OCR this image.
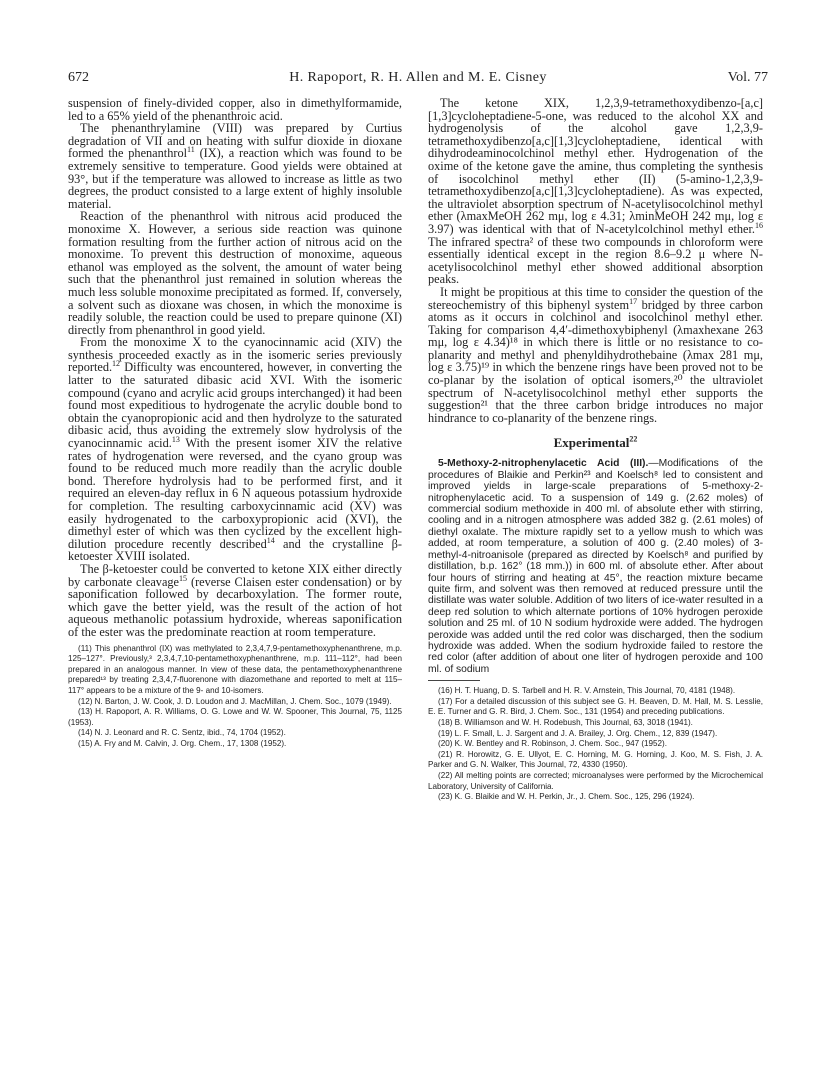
672	H. Rapoport, R. H. Allen and M. E. Cisney	Vol. 77

suspension of finely-divided copper, also in dimethylformamide, led to a 65% yield of the phenanthroic acid.

The phenanthrylamine (VIII) was prepared by Curtius degradation of VII and on heating with sulfur dioxide in dioxane formed the phenanthrol$^{11}$ (IX), a reaction which was found to be extremely sensitive to temperature. Good yields were obtained at 93°, but if the temperature was allowed to increase as little as two degrees, the product consisted to a large extent of highly insoluble material.

Reaction of the phenanthrol with nitrous acid produced the monoxime X. However, a serious side reaction was quinone formation resulting from the further action of nitrous acid on the monoxime. To prevent this destruction of monoxime, aqueous ethanol was employed as the solvent, the amount of water being such that the phenanthrol just remained in solution whereas the much less soluble monoxime precipitated as formed. If, conversely, a solvent such as dioxane was chosen, in which the monoxime is readily soluble, the reaction could be used to prepare quinone (XI) directly from phenanthrol in good yield.

From the monoxime X to the cyanocinnamic acid (XIV) the synthesis proceeded exactly as in the isomeric series previously reported.$^{12}$ Difficulty was encountered, however, in converting the latter to the saturated dibasic acid XVI. With the isomeric compound (cyano and acrylic acid groups interchanged) it had been found most expeditious to hydrogenate the acrylic double bond to obtain the cyanopropionic acid and then hydrolyze to the saturated dibasic acid, thus avoiding the extremely slow hydrolysis of the cyanocinnamic acid.$^{13}$ With the present isomer XIV the relative rates of hydrogenation were reversed, and the cyano group was found to be reduced much more readily than the acrylic double bond. Therefore hydrolysis had to be performed first, and it required an eleven-day reflux in 6 N aqueous potassium hydroxide for completion. The resulting carboxycinnamic acid (XV) was easily hydrogenated to the carboxypropionic acid (XVI), the dimethyl ester of which was then cyclized by the excellent high-dilution procedure recently described$^{14}$ and the crystalline β-ketoester XVIII isolated.

The β-ketoester could be converted to ketone XIX either directly by carbonate cleavage$^{15}$ (reverse Claisen ester condensation) or by saponification followed by decarboxylation. The former route, which gave the better yield, was the result of the action of hot aqueous methanolic potassium hydroxide, whereas saponification of the ester was the predominate reaction at room temperature.

(11) This phenanthrol (IX) was methylated to 2,3,4,7,9-pentamethoxyphenanthrene, m.p. 125–127°. Previously,³ 2,3,4,7,10-pentamethoxyphenanthrene, m.p. 111–112°, had been prepared in an analogous manner. In view of these data, the pentamethoxyphenanthrene prepared¹³ by treating 2,3,4,7-fluorenone with diazomethane and reported to melt at 115–117° appears to be a mixture of the 9- and 10-isomers.

(12) N. Barton, J. W. Cook, J. D. Loudon and J. MacMillan, J. Chem. Soc., 1079 (1949).

(13) H. Rapoport, A. R. Williams, O. G. Lowe and W. W. Spooner, This Journal, 75, 1125 (1953).

(14) N. J. Leonard and R. C. Sentz, ibid., 74, 1704 (1952).

(15) A. Fry and M. Calvin, J. Org. Chem., 17, 1308 (1952).

The ketone XIX, 1,2,3,9-tetramethoxydibenzo-[a,c][1,3]cycloheptadiene-5-one, was reduced to the alcohol XX and hydrogenolysis of the alcohol gave 1,2,3,9-tetramethoxydibenzo[a,c][1,3]cycloheptadiene, identical with dihydrodeaminocolchinol methyl ether. Hydrogenation of the oxime of the ketone gave the amine, thus completing the synthesis of isocolchinol methyl ether (II) (5-amino-1,2,3,9-tetramethoxydibenzo[a,c][1,3]cycloheptadiene). As was expected, the ultraviolet absorption spectrum of N-acetylisocolchinol methyl ether (λmaxMeOH 262 mμ, log ε 4.31; λminMeOH 242 mμ, log ε 3.97) was identical with that of N-acetylcolchinol methyl ether.$^{16}$ The infrared spectra² of these two compounds in chloroform were essentially identical except in the region 8.6–9.2 μ where N-acetylisocolchinol methyl ether showed additional absorption peaks.

It might be propitious at this time to consider the question of the stereochemistry of this biphenyl system$^{17}$ bridged by three carbon atoms as it occurs in colchinol and isocolchinol methyl ether. Taking for comparison 4,4′-dimethoxybiphenyl (λmaxhexane 263 mμ, log ε 4.34)¹⁸ in which there is little or no resistance to co-planarity and methyl and phenyldihydrothebaine (λmax 281 mμ, log ε 3.75)¹⁹ in which the benzene rings have been proved not to be co-planar by the isolation of optical isomers,²⁰ the ultraviolet spectrum of N-acetylisocolchinol methyl ether supports the suggestion²¹ that the three carbon bridge introduces no major hindrance to co-planarity of the benzene rings.

Experimental$^{22}$

5-Methoxy-2-nitrophenylacetic Acid (III).—Modifications of the procedures of Blaikie and Perkin²³ and Koelsch⁸ led to consistent and improved yields in large-scale preparations of 5-methoxy-2-nitrophenylacetic acid. To a suspension of 149 g. (2.62 moles) of commercial sodium methoxide in 400 ml. of absolute ether with stirring, cooling and in a nitrogen atmosphere was added 382 g. (2.61 moles) of diethyl oxalate. The mixture rapidly set to a yellow mush to which was added, at room temperature, a solution of 400 g. (2.40 moles) of 3-methyl-4-nitroanisole (prepared as directed by Koelsch⁸ and purified by distillation, b.p. 162° (18 mm.)) in 600 ml. of absolute ether. After about four hours of stirring and heating at 45°, the reaction mixture became quite firm, and solvent was then removed at reduced pressure until the distillate was water soluble. Addition of two liters of ice-water resulted in a deep red solution to which alternate portions of 10% hydrogen peroxide solution and 25 ml. of 10 N sodium hydroxide were added. The hydrogen peroxide was added until the red color was discharged, then the sodium hydroxide was added. When the sodium hydroxide failed to restore the red color (after addition of about one liter of hydrogen peroxide and 100 ml. of sodium

(16) H. T. Huang, D. S. Tarbell and H. R. V. Arnstein, This Journal, 70, 4181 (1948).

(17) For a detailed discussion of this subject see G. H. Beaven, D. M. Hall, M. S. Lesslie, E. E. Turner and G. R. Bird, J. Chem. Soc., 131 (1954) and preceding publications.

(18) B. Williamson and W. H. Rodebush, This Journal, 63, 3018 (1941).

(19) L. F. Small, L. J. Sargent and J. A. Brailey, J. Org. Chem., 12, 839 (1947).

(20) K. W. Bentley and R. Robinson, J. Chem. Soc., 947 (1952).

(21) R. Horowitz, G. E. Ullyot, E. C. Horning, M. G. Horning, J. Koo, M. S. Fish, J. A. Parker and G. N. Walker, This Journal, 72, 4330 (1950).

(22) All melting points are corrected; microanalyses were performed by the Microchemical Laboratory, University of California.

(23) K. G. Blaikie and W. H. Perkin, Jr., J. Chem. Soc., 125, 296 (1924).
